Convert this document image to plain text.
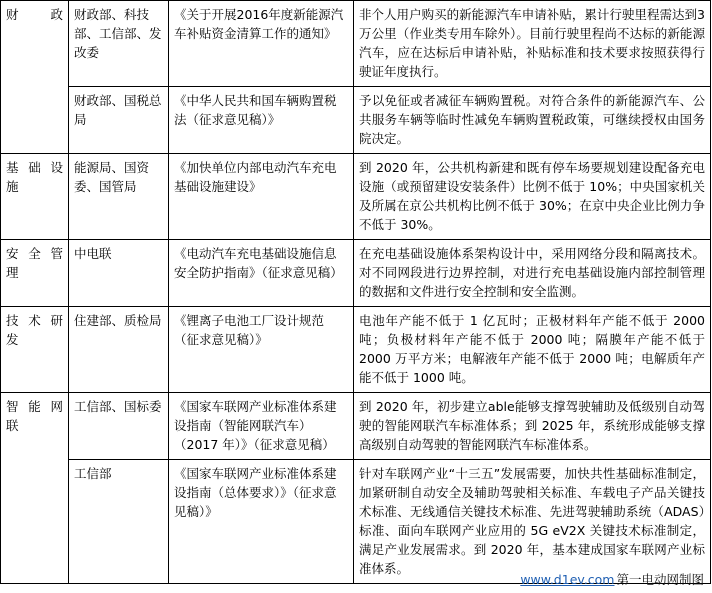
财政	财政部、科技部、工信部、发改委	《关于开展2016年度新能源汽车补贴资金清算工作的通知》	非个人用户购买的新能源汽车申请补贴，累计行驶里程需达到3万公里（作业类专用车除外）。目前行驶里程尚不达标的新能源汽车，应在达标后申请补贴，补贴标准和技术要求按照获得行驶证年度执行。
	财政部、国税总局	《中华人民共和国车辆购置税法（征求意见稿）》	予以免征或者减征车辆购置税。对符合条件的新能源汽车、公共服务车辆等临时性减免车辆购置税政策，可继续授权由国务院决定。

基 础 设施	能源局、国资委、国管局	《加快单位内部电动汽车充电基础设施建设》	到 2020 年，公共机构新建和既有停车场要规划建设配备充电设施（或预留建设安装条件）比例不低于 10%；中央国家机关及所属在京公共机构比例不低于 30%；在京中央企业比例力争不低于 30%。

安 全 管理	中电联	《电动汽车充电基础设施信息安全防护指南》（征求意见稿）	在充电基础设施体系架构设计中，采用网络分段和隔离技术。对不同网段进行边界控制，对进行充电基础设施内部控制管理的数据和文件进行安全控制和安全监测。

技 术 研发	住建部、质检局	《锂离子电池工厂设计规范（征求意见稿）》	电池年产能不低于 1 亿瓦时；正极材料年产能不低于 2000 吨；负极材料年产能不低于 2000 吨；隔膜年产能不低于 2000 万平方米；电解液年产能不低于 2000 吨；电解质年产能不低于 1000 吨。

智 能 网联	工信部、国标委	《国家车联网产业标准体系建设指南（智能网联汽车）（2017 年）》（征求意见稿）	到 2020 年，初步建立able能够支撑驾驶辅助及低级别自动驾驶的智能网联汽车标准体系；到 2025 年，系统形成能够支撑高级别自动驾驶的智能网联汽车标准体系。
	工信部	《国家车联网产业标准体系建设指南（总体要求）》（征求意见稿）》	针对车联网产业“十三五”发展需要，加快共性基础标准制定，加紧研制自动安全及辅助驾驶相关标准、车载电子产品关键技术标准、无线通信关键技术标准、先进驾驶辅助系统（ADAS）标准、面向车联网产业应用的 5G eV2X 关键技术标准制定，满足产业发展需求。到 2020 年，基本建成国家车联网产业标准体系。
www.d1ev.com 第一电动网制图
